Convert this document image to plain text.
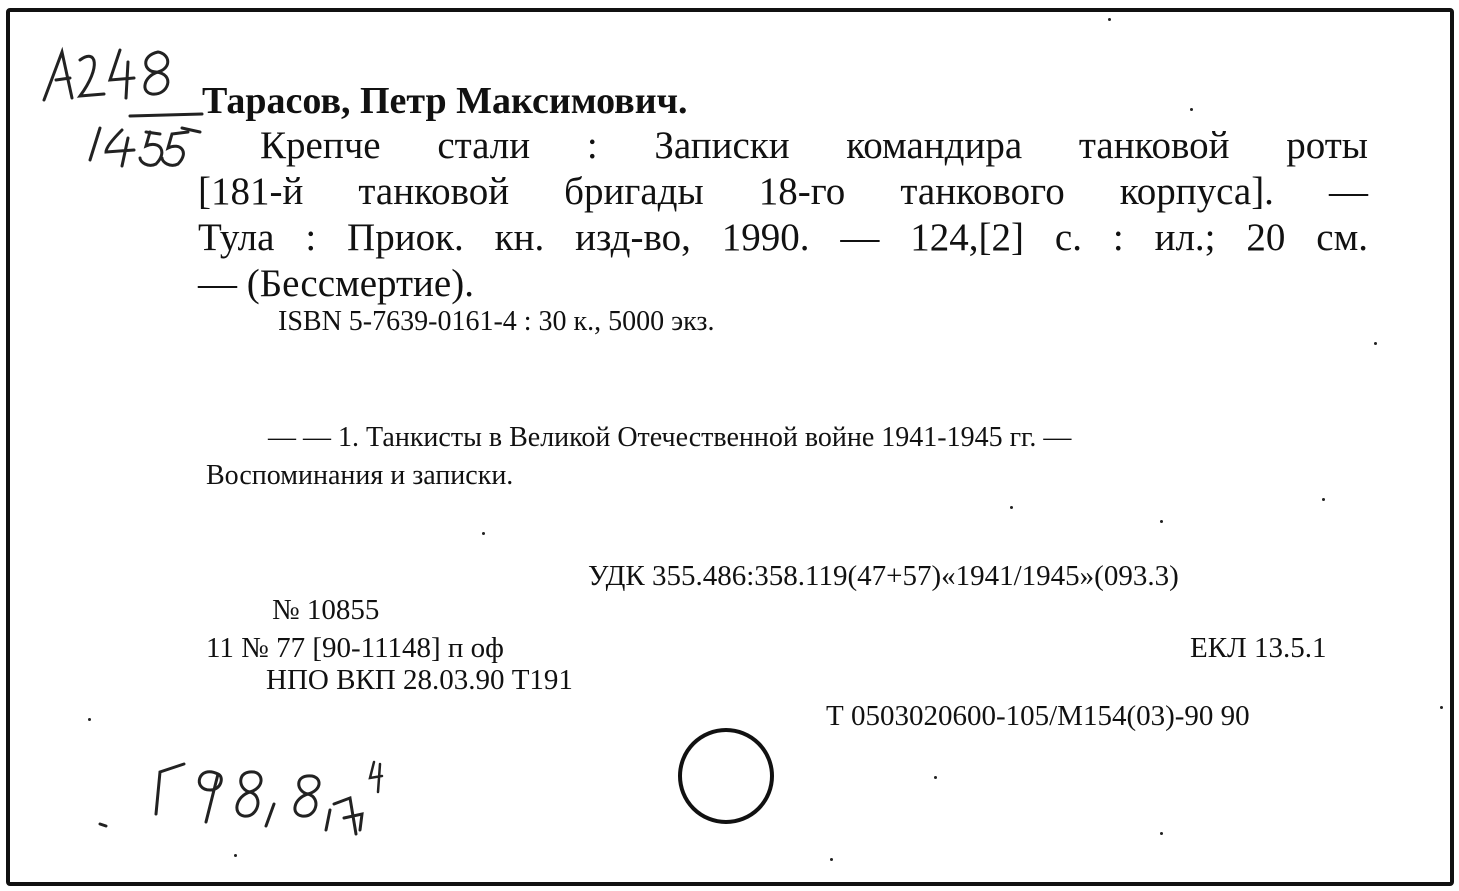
Тарасов, Петр Максимович.
Крепче стали : Записки командира танковой роты
[181-й танковой бригады 18-го танкового корпуса]. —
Тула : Приок. кн. изд-во, 1990. — 124,[2] с. : ил.; 20 см.
— (Бессмертие).
ISBN 5-7639-0161-4 : 30 к., 5000 экз.
— — 1. Танкисты в Великой Отечественной войне 1941-1945 гг. —
Воспоминания и записки.
УДК 355.486:358.119(47+57)«1941/1945»(093.3)
№ 10855
11 № 77 [90-11148] п оф	ЕКЛ 13.5.1
НПО ВКП 28.03.90 Т191
Т 0503020600-105/М154(03)-90 90
